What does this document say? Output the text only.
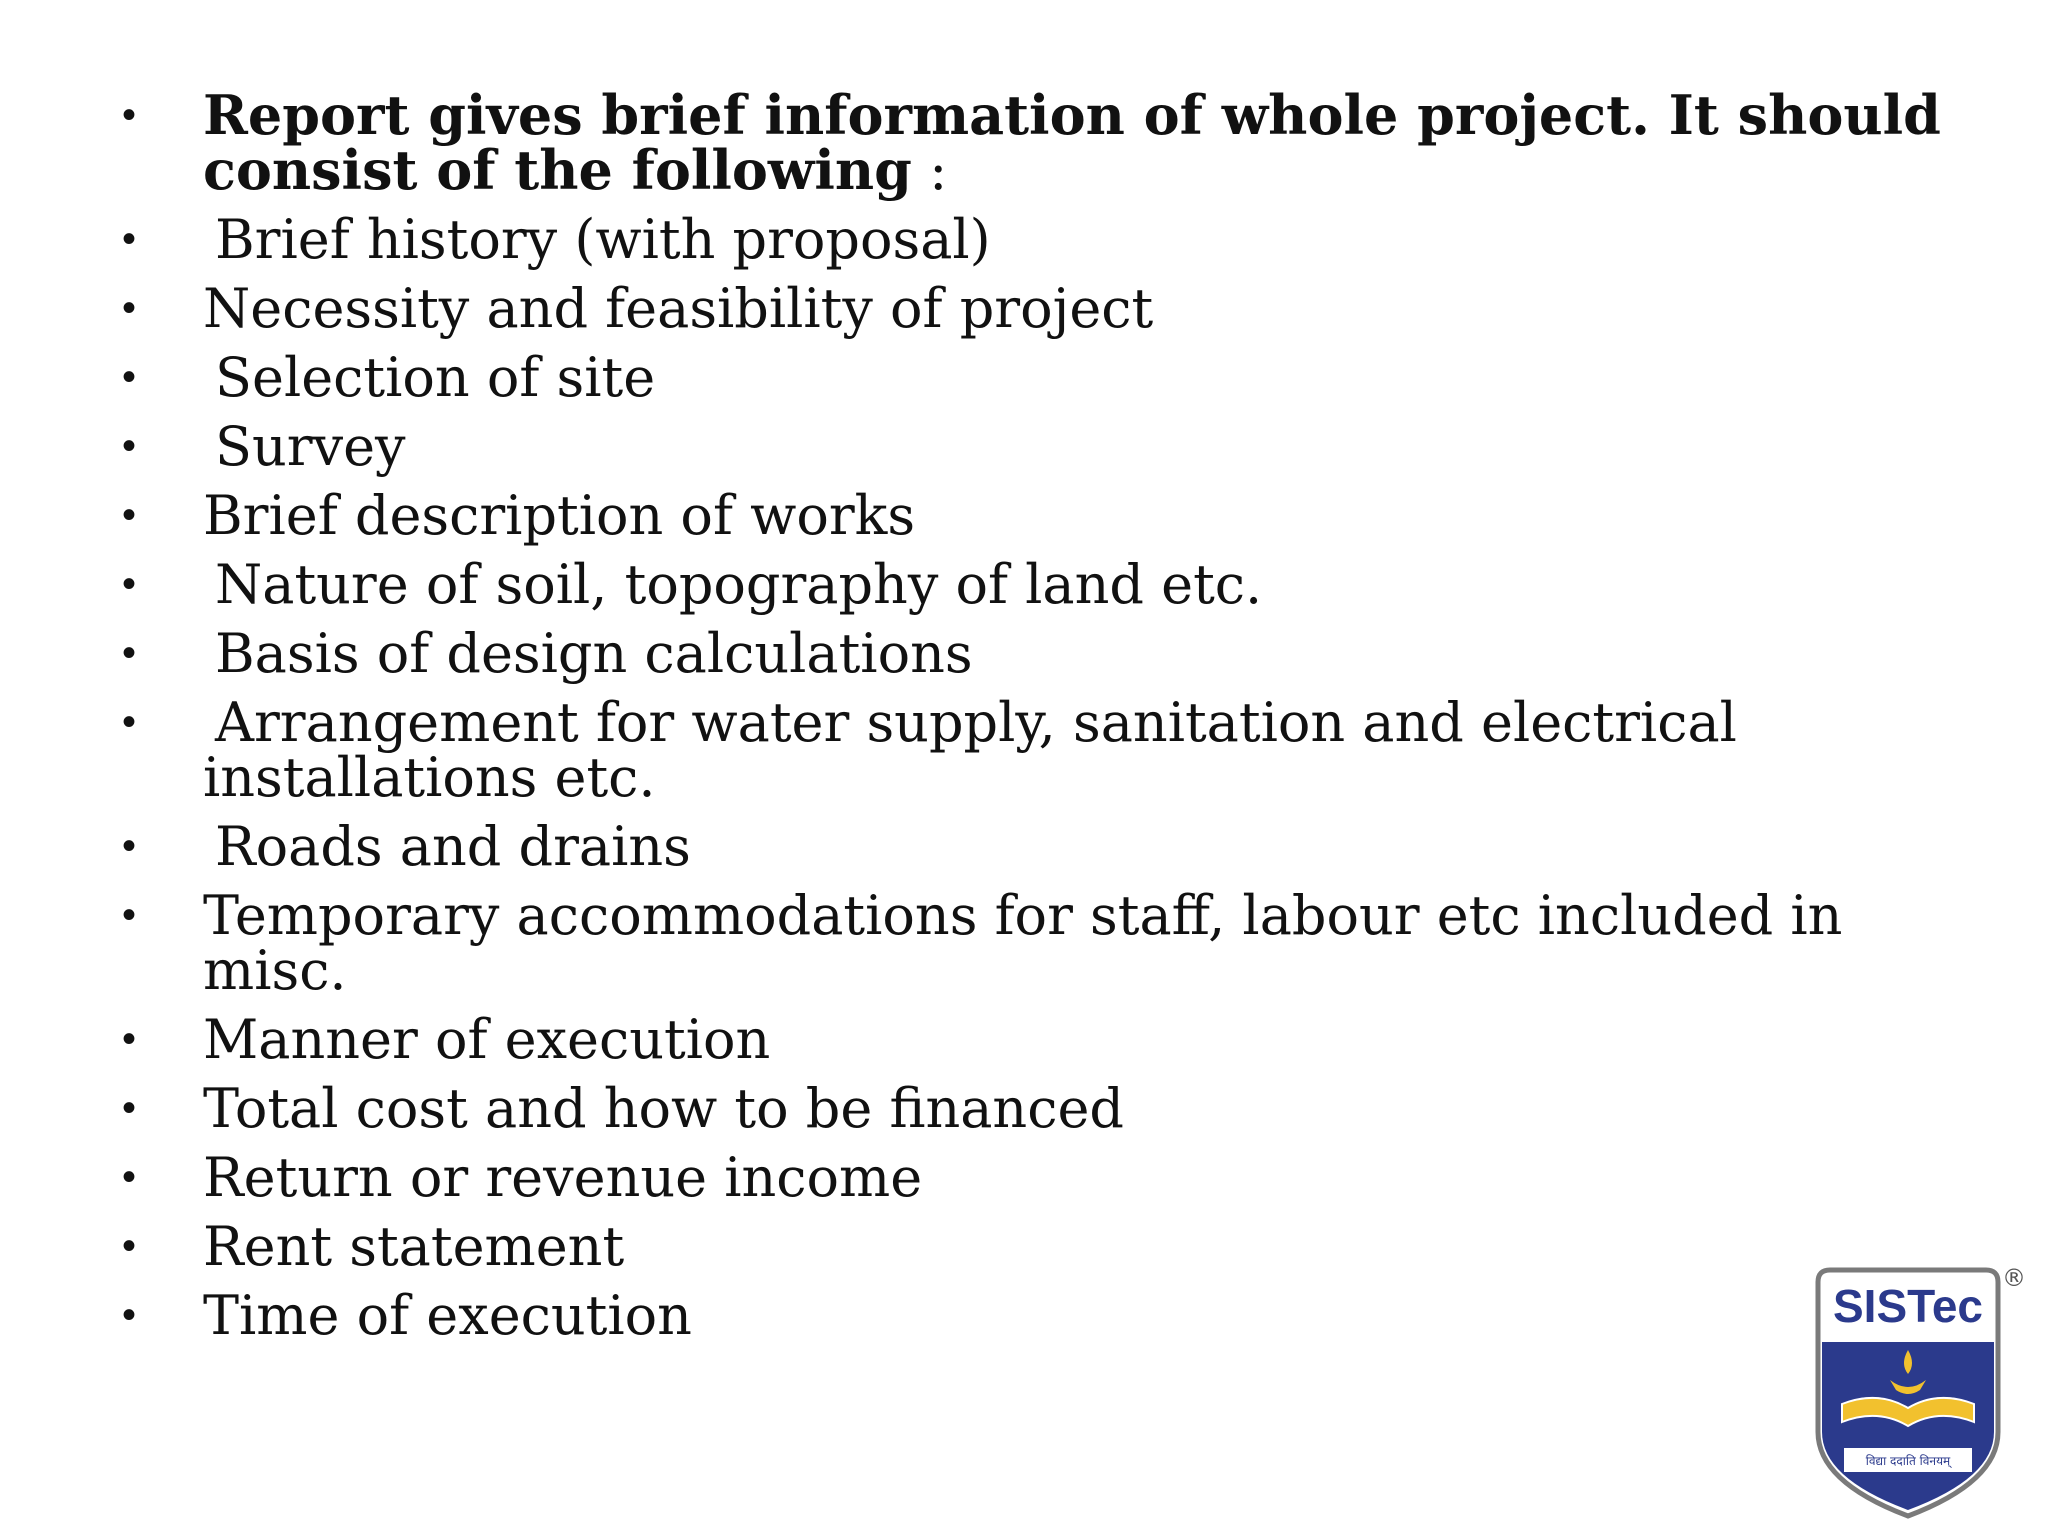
• Report gives brief information of whole project. It should consist of the following :
• Brief history (with proposal)
• Necessity and feasibility of project
• Selection of site
• Survey
• Brief description of works
• Nature of soil, topography of land etc.
• Basis of design calculations
• Arrangement for water supply, sanitation and electrical installations etc.
• Roads and drains
• Temporary accommodations for staff, labour etc included in misc.
• Manner of execution
• Total cost and how to be financed
• Return or revenue income
• Rent statement
• Time of execution	SISTec
विद्या ददाति विनयम्
®
